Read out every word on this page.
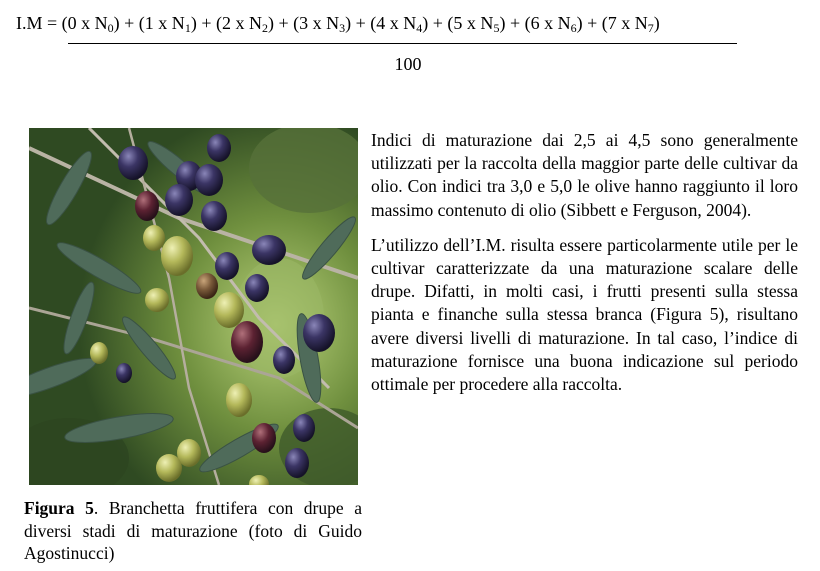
I.M = (0 x $N_0) + (1$ x $N_1) + (2$ x $N_2) + (3$ x $N_3) + (4$ x $N_4) + (5$ x $N_5) + (6$ x $N_6) + (7$ x $N_7$)
100
Figura 5. Branchetta fruttifera con drupe a diversi stadi di maturazione (foto di Guido Agostinucci)

Indici di maturazione dai 2,5 ai 4,5 sono generalmente utilizzati per la raccolta della maggior parte delle cultivar da olio. Con indici tra 3,0 e 5,0 le olive hanno raggiunto il loro massimo contenuto di olio (Sibbett e Ferguson, 2004).

L’utilizzo dell’I.M. risulta essere particolarmente utile per le cultivar caratterizzate da una maturazione scalare delle drupe. Difatti, in molti casi, i frutti presenti sulla stessa pianta e finanche sulla stessa branca (Figura 5), risultano avere diversi livelli di maturazione. In tal caso, l’indice di maturazione fornisce una buona indicazione sul periodo ottimale per procedere alla raccolta.
